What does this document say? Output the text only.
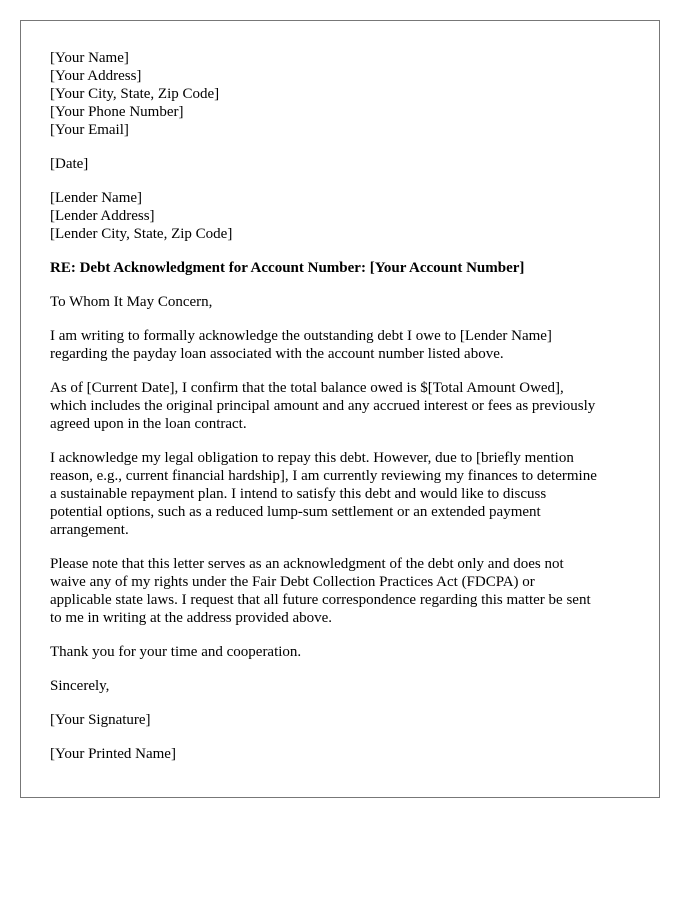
[Your Name]
[Your Address]
[Your City, State, Zip Code]
[Your Phone Number]
[Your Email]
[Date]
[Lender Name]
[Lender Address]
[Lender City, State, Zip Code]
RE: Debt Acknowledgment for Account Number: [Your Account Number]
To Whom It May Concern,

I am writing to formally acknowledge the outstanding debt I owe to [Lender Name]
regarding the payday loan associated with the account number listed above.

As of [Current Date], I confirm that the total balance owed is $[Total Amount Owed],
which includes the original principal amount and any accrued interest or fees as previously
agreed upon in the loan contract.

I acknowledge my legal obligation to repay this debt. However, due to [briefly mention
reason, e.g., current financial hardship], I am currently reviewing my finances to determine
a sustainable repayment plan. I intend to satisfy this debt and would like to discuss
potential options, such as a reduced lump-sum settlement or an extended payment
arrangement.

Please note that this letter serves as an acknowledgment of the debt only and does not
waive any of my rights under the Fair Debt Collection Practices Act (FDCPA) or
applicable state laws. I request that all future correspondence regarding this matter be sent
to me in writing at the address provided above.

Thank you for your time and cooperation.
Sincerely,
[Your Signature]
[Your Printed Name]
